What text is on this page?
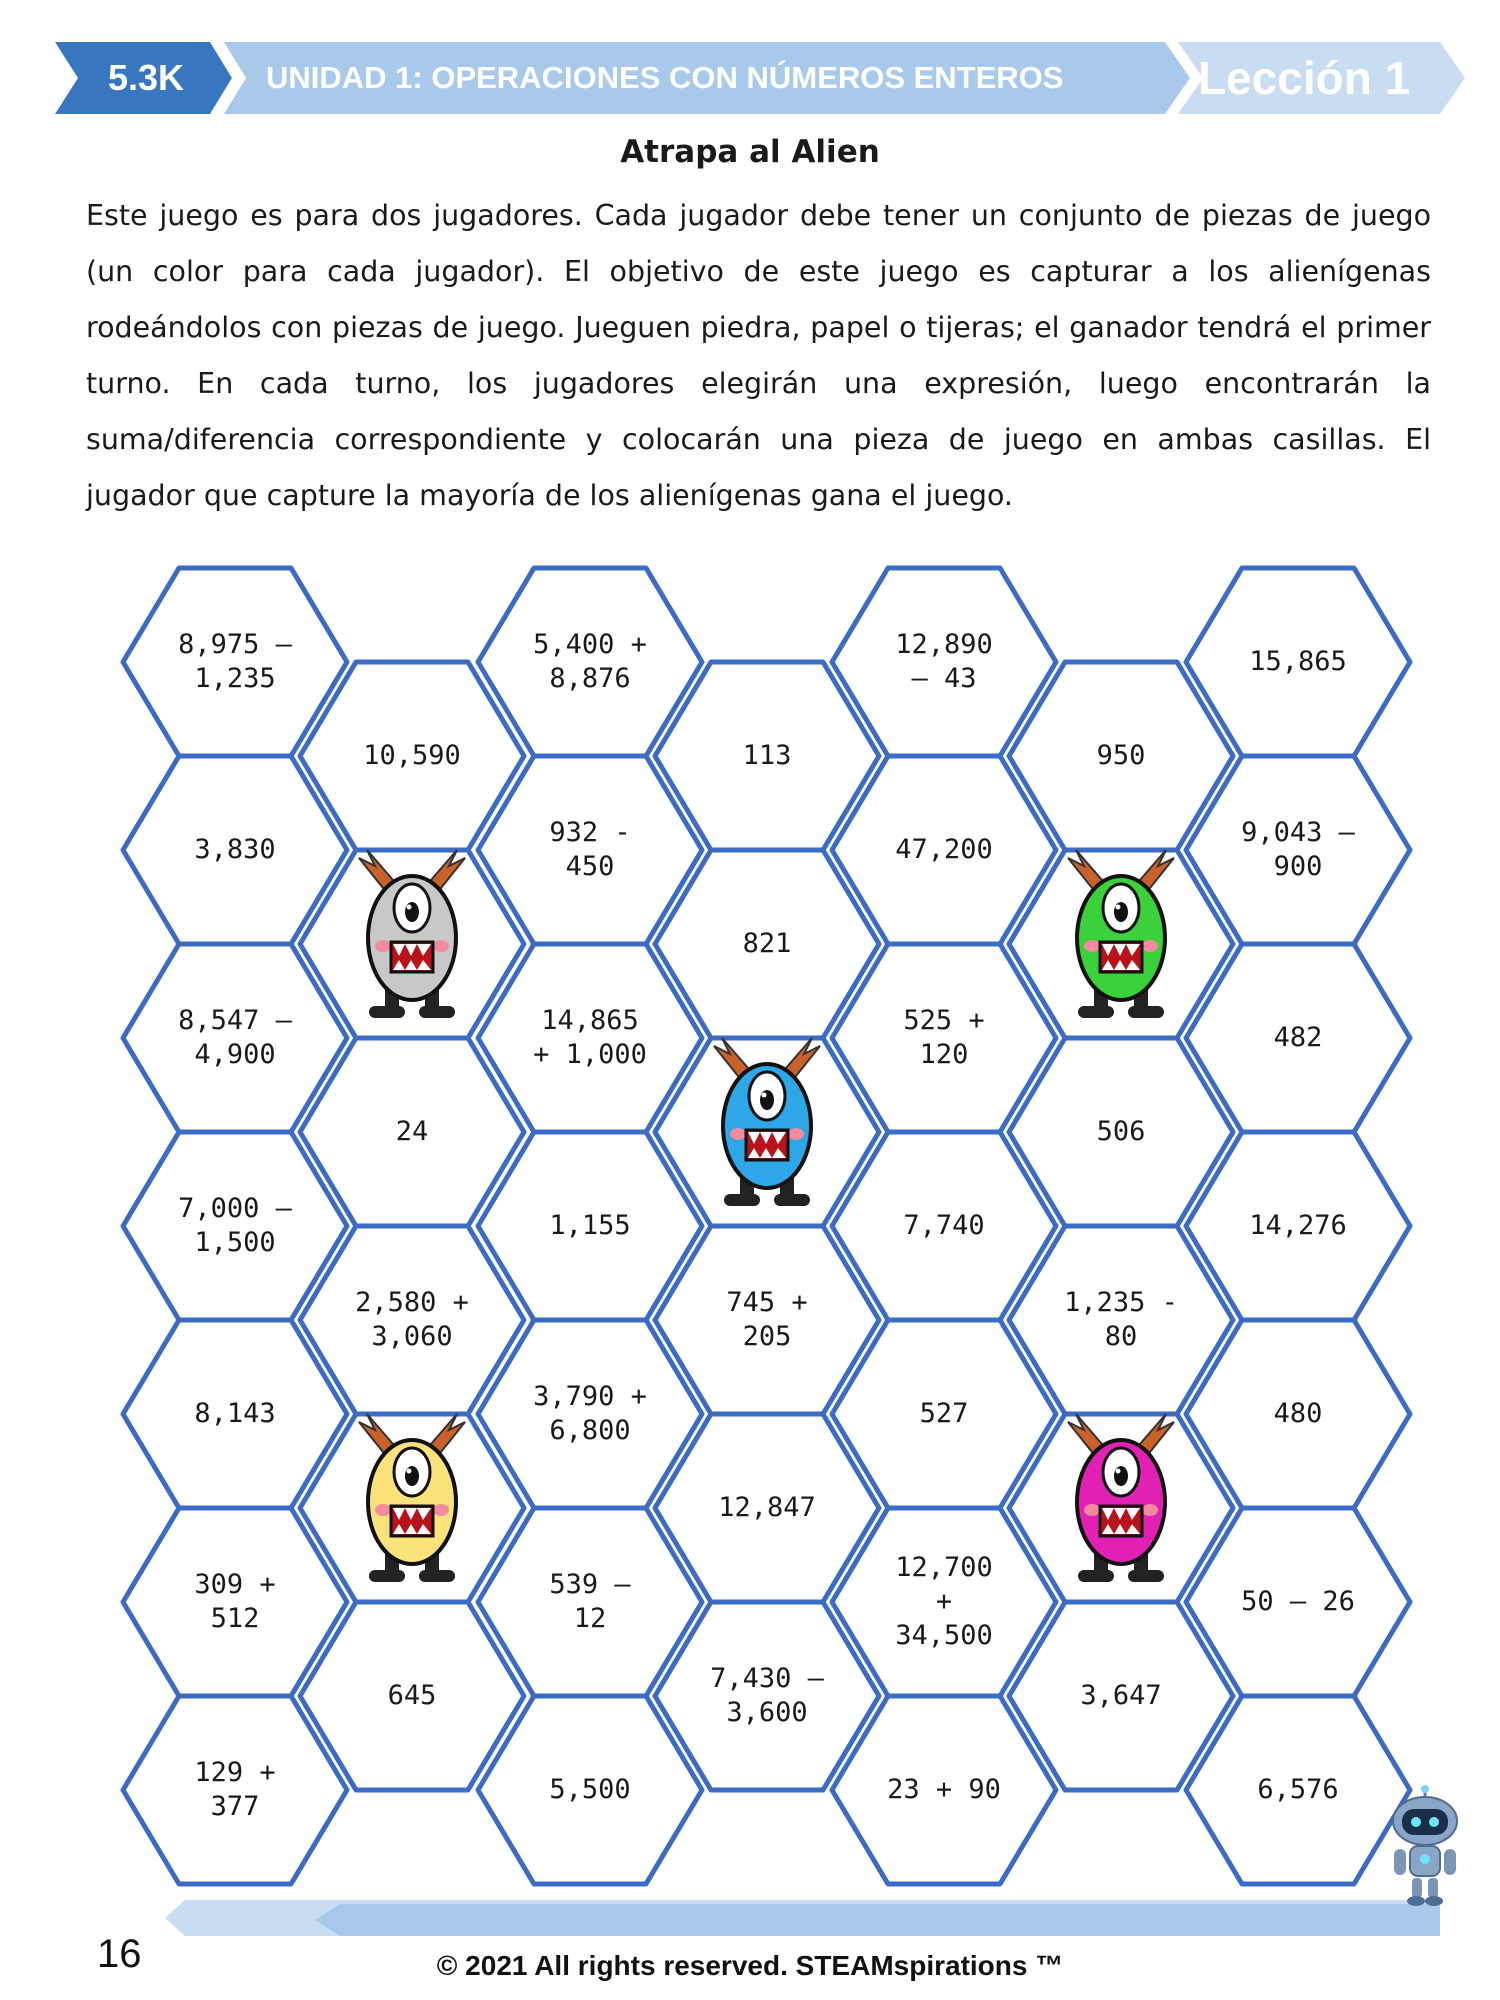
5.3K	UNIDAD 1: OPERACIONES CON NÚMEROS ENTEROS	Lección 1
Atrapa al Alien

Este juego es para dos jugadores. Cada jugador debe tener un conjunto de piezas de juego (un color para cada jugador). El objetivo de este juego es capturar a los alienígenas rodeándolos con piezas de juego. Jueguen piedra, papel o tijeras; el ganador tendrá el primer turno. En cada turno, los jugadores elegirán una expresión, luego encontrarán la suma/diferencia correspondiente y colocarán una pieza de juego en ambas casillas. El jugador que capture la mayoría de los alienígenas gana el juego.

8,975 –
1,235
3,830
8,547 –
4,900
7,000 –
1,500
8,143
309 +
512
129 +
377
10,590
24
2,580 +
3,060
645
5,400 +
8,876
932 -
450
14,865
+ 1,000
1,155
3,790 +
6,800
539 –
12
5,500
113
821
745 +
205
12,847
7,430 –
3,600
12,890
– 43
47,200
525 +
120
7,740
527
12,700
+
34,500
23 + 90
950
506
1,235 -
80
3,647
15,865
9,043 –
900
482
14,276
480
50 – 26
6,576
16	© 2021 All rights reserved. STEAMspirations ™
